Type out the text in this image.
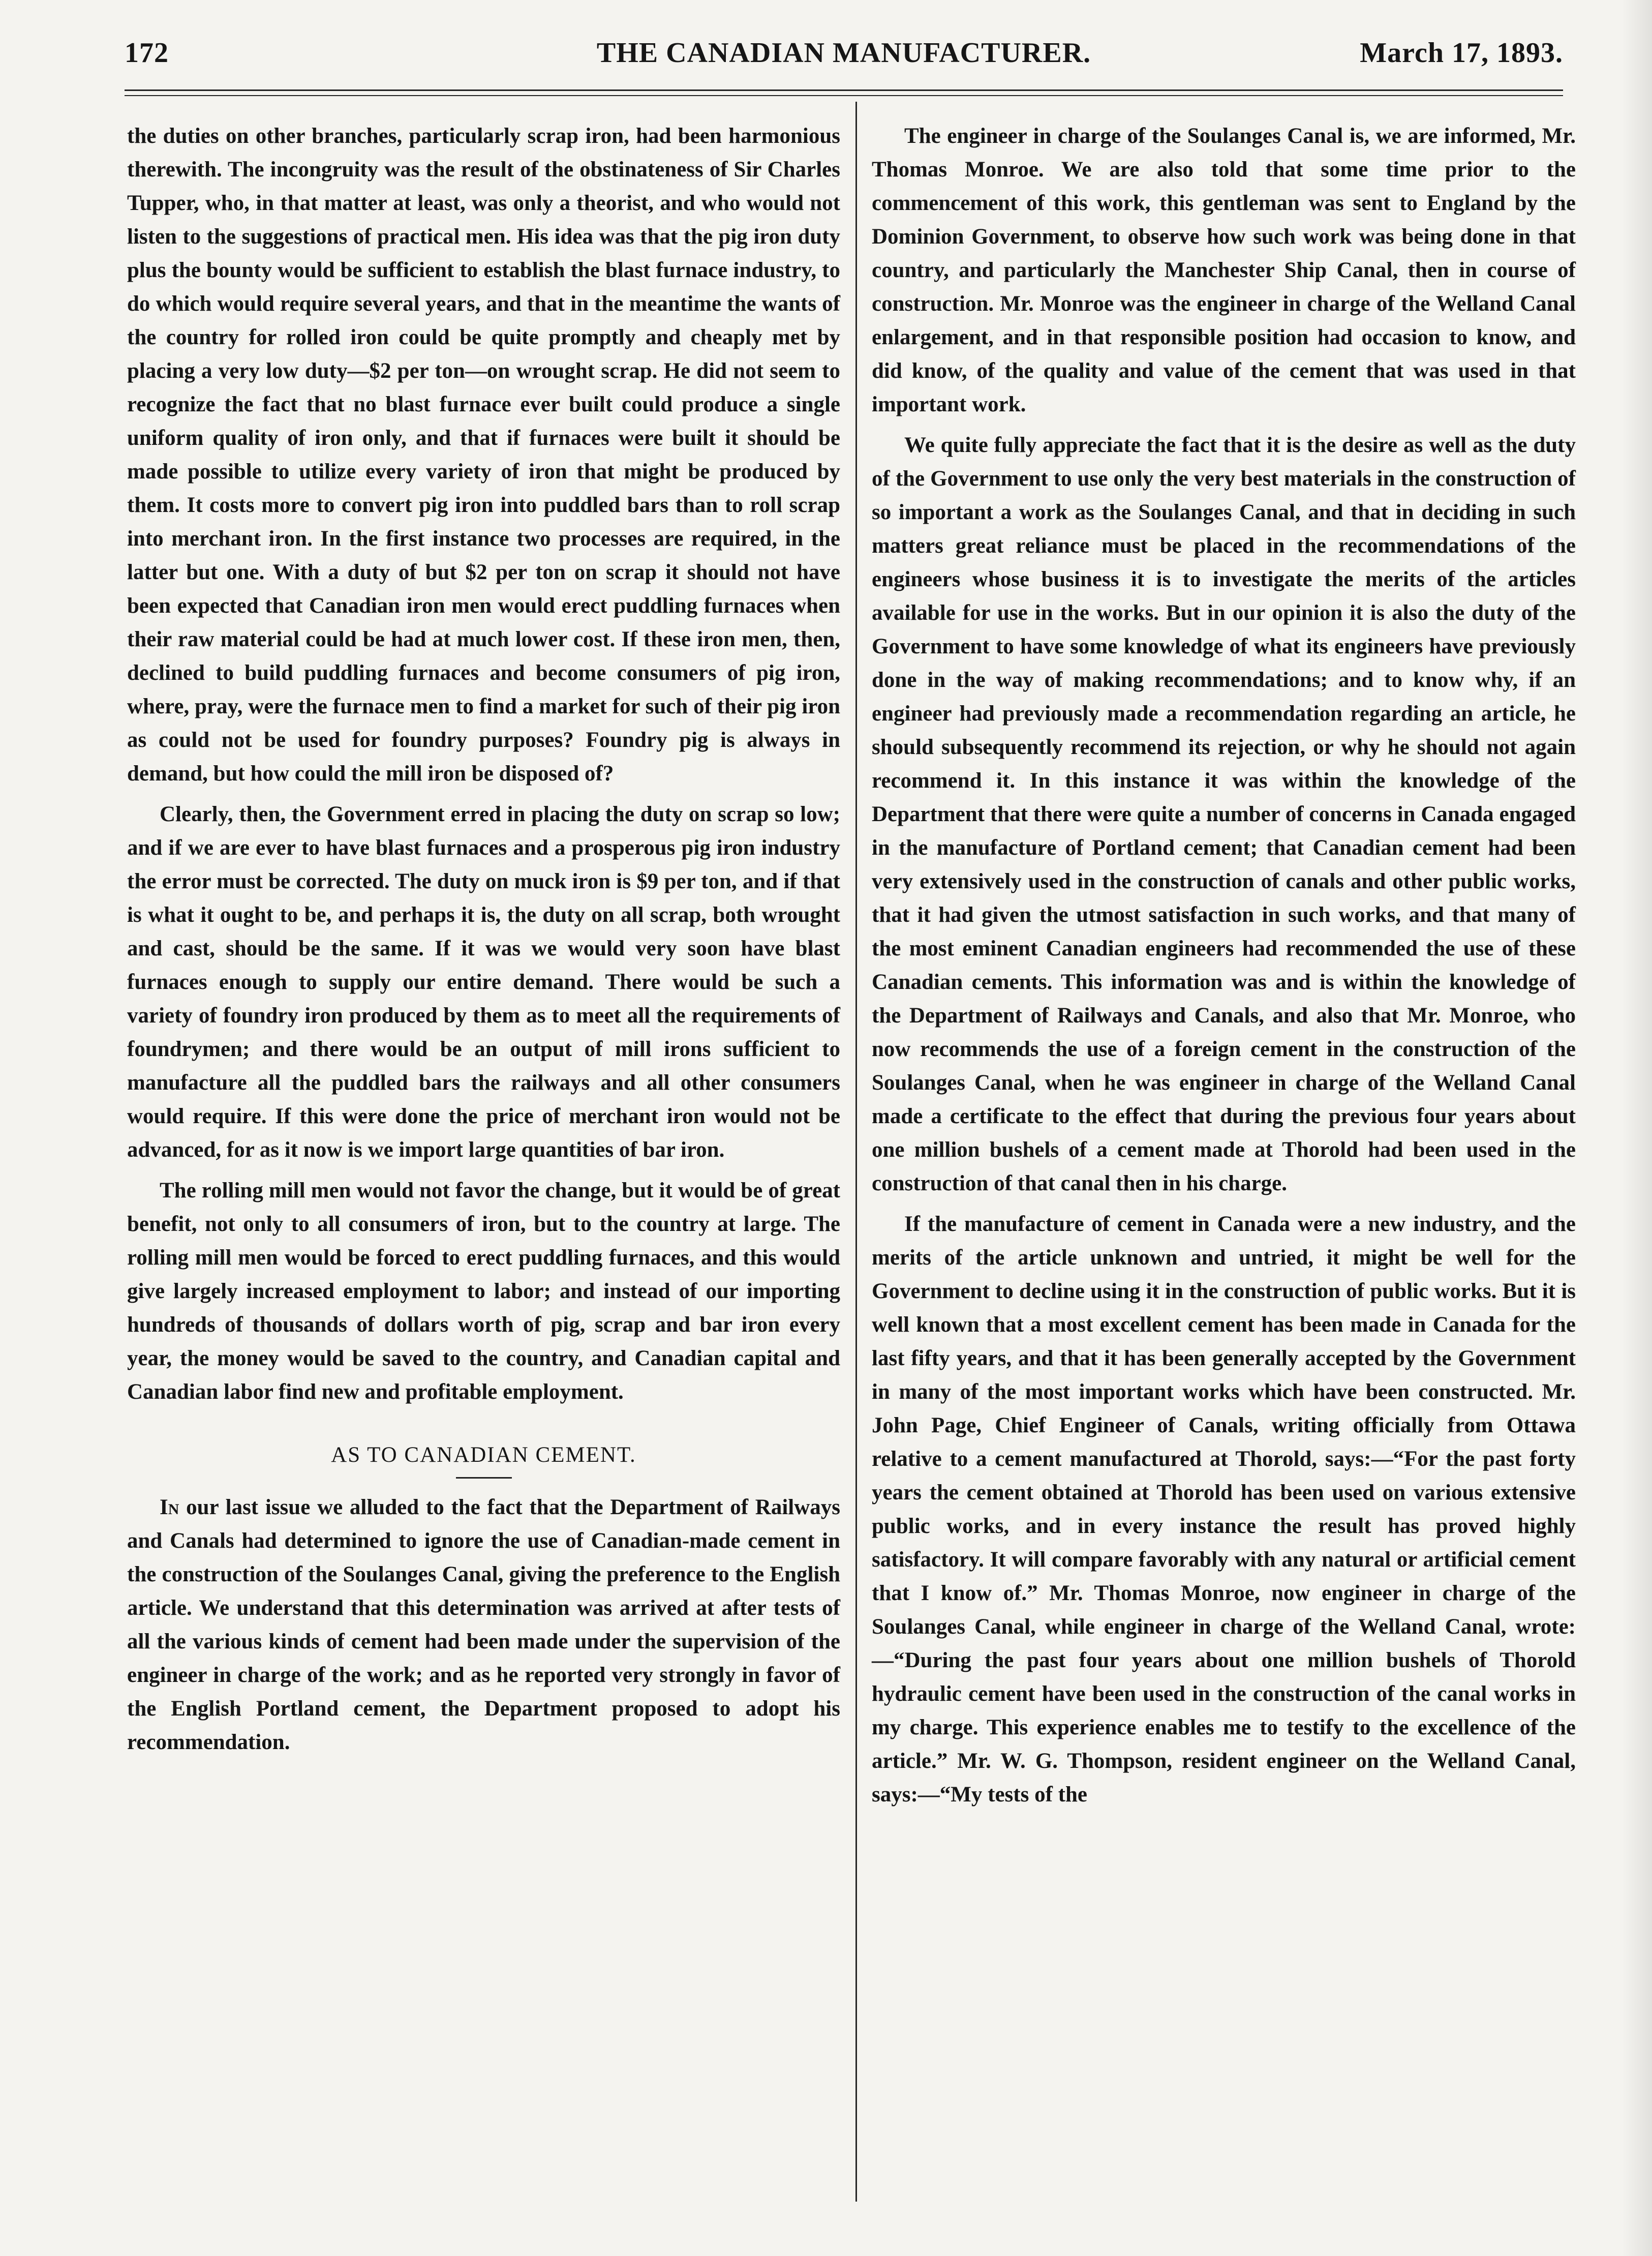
172	THE CANADIAN MANUFACTURER.	March 17, 1893.

the duties on other branches, particularly scrap iron, had been harmonious therewith. The incongruity was the result of the obstinateness of Sir Charles Tupper, who, in that matter at least, was only a theorist, and who would not listen to the suggestions of practical men. His idea was that the pig iron duty plus the bounty would be sufficient to establish the blast furnace industry, to do which would require several years, and that in the meantime the wants of the country for rolled iron could be quite promptly and cheaply met by placing a very low duty—$2 per ton—on wrought scrap. He did not seem to recognize the fact that no blast furnace ever built could produce a single uniform quality of iron only, and that if furnaces were built it should be made possible to utilize every variety of iron that might be produced by them. It costs more to convert pig iron into puddled bars than to roll scrap into merchant iron. In the first instance two processes are required, in the latter but one. With a duty of but $2 per ton on scrap it should not have been expected that Canadian iron men would erect puddling furnaces when their raw material could be had at much lower cost. If these iron men, then, declined to build puddling furnaces and become consumers of pig iron, where, pray, were the furnace men to find a market for such of their pig iron as could not be used for foundry purposes? Foundry pig is always in demand, but how could the mill iron be disposed of?

Clearly, then, the Government erred in placing the duty on scrap so low; and if we are ever to have blast furnaces and a prosperous pig iron industry the error must be corrected. The duty on muck iron is $9 per ton, and if that is what it ought to be, and perhaps it is, the duty on all scrap, both wrought and cast, should be the same. If it was we would very soon have blast furnaces enough to supply our entire demand. There would be such a variety of foundry iron produced by them as to meet all the requirements of foundrymen; and there would be an output of mill irons sufficient to manufacture all the puddled bars the railways and all other consumers would require. If this were done the price of merchant iron would not be advanced, for as it now is we import large quantities of bar iron.

The rolling mill men would not favor the change, but it would be of great benefit, not only to all consumers of iron, but to the country at large. The rolling mill men would be forced to erect puddling furnaces, and this would give largely increased employment to labor; and instead of our importing hundreds of thousands of dollars worth of pig, scrap and bar iron every year, the money would be saved to the country, and Canadian capital and Canadian labor find new and profitable employment.

AS TO CANADIAN CEMENT.

In our last issue we alluded to the fact that the Department of Railways and Canals had determined to ignore the use of Canadian-made cement in the construction of the Soulanges Canal, giving the preference to the English article. We understand that this determination was arrived at after tests of all the various kinds of cement had been made under the supervision of the engineer in charge of the work; and as he reported very strongly in favor of the English Portland cement, the Department proposed to adopt his recommendation.

The engineer in charge of the Soulanges Canal is, we are informed, Mr. Thomas Monroe. We are also told that some time prior to the commencement of this work, this gentleman was sent to England by the Dominion Government, to observe how such work was being done in that country, and particularly the Manchester Ship Canal, then in course of construction. Mr. Monroe was the engineer in charge of the Welland Canal enlargement, and in that responsible position had occasion to know, and did know, of the quality and value of the cement that was used in that important work.

We quite fully appreciate the fact that it is the desire as well as the duty of the Government to use only the very best materials in the construction of so important a work as the Soulanges Canal, and that in deciding in such matters great reliance must be placed in the recommendations of the engineers whose business it is to investigate the merits of the articles available for use in the works. But in our opinion it is also the duty of the Government to have some knowledge of what its engineers have previously done in the way of making recommendations; and to know why, if an engineer had previously made a recommendation regarding an article, he should subsequently recommend its rejection, or why he should not again recommend it. In this instance it was within the knowledge of the Department that there were quite a number of concerns in Canada engaged in the manufacture of Portland cement; that Canadian cement had been very extensively used in the construction of canals and other public works, that it had given the utmost satisfaction in such works, and that many of the most eminent Canadian engineers had recommended the use of these Canadian cements. This information was and is within the knowledge of the Department of Railways and Canals, and also that Mr. Monroe, who now recommends the use of a foreign cement in the construction of the Soulanges Canal, when he was engineer in charge of the Welland Canal made a certificate to the effect that during the previous four years about one million bushels of a cement made at Thorold had been used in the construction of that canal then in his charge.

If the manufacture of cement in Canada were a new industry, and the merits of the article unknown and untried, it might be well for the Government to decline using it in the construction of public works. But it is well known that a most excellent cement has been made in Canada for the last fifty years, and that it has been generally accepted by the Government in many of the most important works which have been constructed. Mr. John Page, Chief Engineer of Canals, writing officially from Ottawa relative to a cement manufactured at Thorold, says:—“For the past forty years the cement obtained at Thorold has been used on various extensive public works, and in every instance the result has proved highly satisfactory. It will compare favorably with any natural or artificial cement that I know of.” Mr. Thomas Monroe, now engineer in charge of the Soulanges Canal, while engineer in charge of the Welland Canal, wrote:—“During the past four years about one million bushels of Thorold hydraulic cement have been used in the construction of the canal works in my charge. This experience enables me to testify to the excellence of the article.” Mr. W. G. Thompson, resident engineer on the Welland Canal, says:—“My tests of the
